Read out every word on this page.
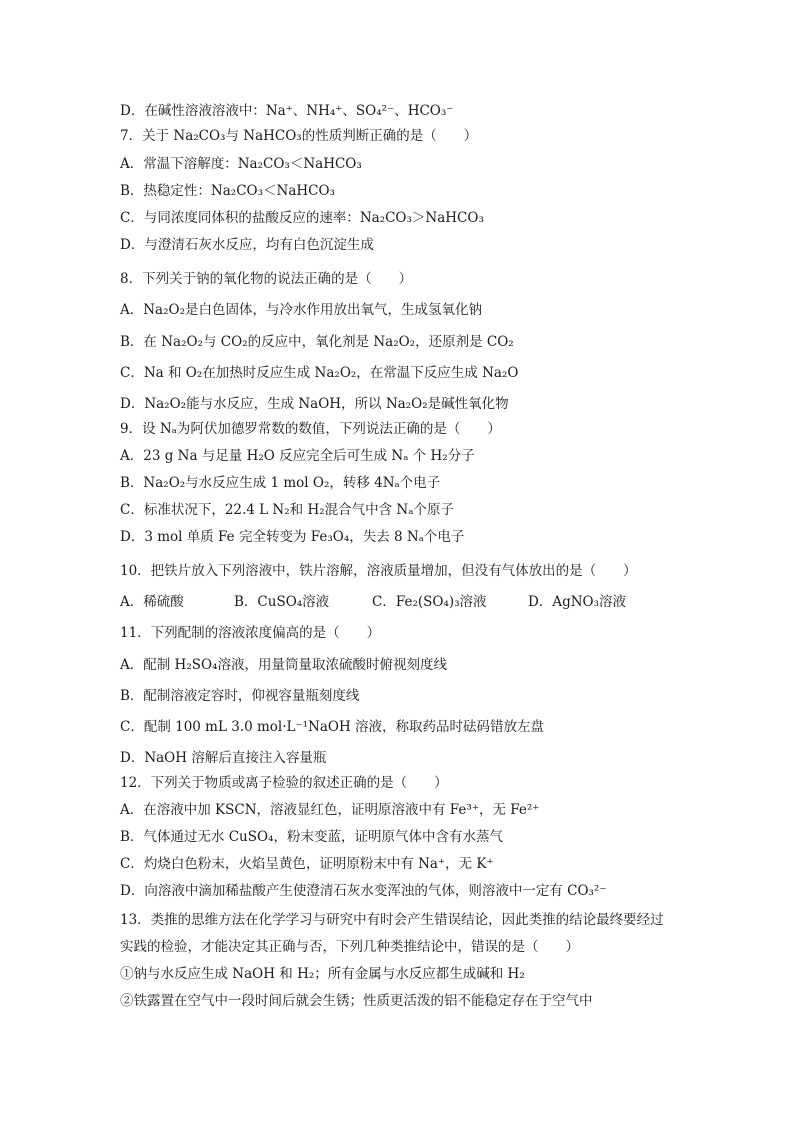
D．在碱性溶液溶液中：Na⁺、NH₄⁺、SO₄²⁻、HCO₃⁻
7．关于 Na₂CO₃与 NaHCO₃的性质判断正确的是（　　）
A．常温下溶解度：Na₂CO₃＜NaHCO₃
B．热稳定性：Na₂CO₃＜NaHCO₃
C．与同浓度同体积的盐酸反应的速率：Na₂CO₃＞NaHCO₃
D．与澄清石灰水反应，均有白色沉淀生成
8．下列关于钠的氧化物的说法正确的是（　　）
A．Na₂O₂是白色固体，与冷水作用放出氧气，生成氢氧化钠
B．在 Na₂O₂与 CO₂的反应中，氧化剂是 Na₂O₂，还原剂是 CO₂
C．Na 和 O₂在加热时反应生成 Na₂O₂，在常温下反应生成 Na₂O
D．Na₂O₂能与水反应，生成 NaOH，所以 Na₂O₂是碱性氧化物
9．设 Nₐ为阿伏加德罗常数的数值，下列说法正确的是（　　）
A．23 g Na 与足量 H₂O 反应完全后可生成 Nₐ 个 H₂分子
B．Na₂O₂与水反应生成 1 mol O₂，转移 4Nₐ个电子
C．标准状况下，22.4 L N₂和 H₂混合气中含 Nₐ个原子
D．3 mol 单质 Fe 完全转变为 Fe₃O₄，失去 8 Nₐ个电子
10．把铁片放入下列溶液中，铁片溶解，溶液质量增加，但没有气体放出的是（　　）
A．稀硫酸	B．CuSO₄溶液	C．Fe₂(SO₄)₃溶液	D．AgNO₃溶液
11．下列配制的溶液浓度偏高的是（　　）
A．配制 H₂SO₄溶液，用量筒量取浓硫酸时俯视刻度线
B．配制溶液定容时，仰视容量瓶刻度线
C．配制 100 mL 3.0 mol·L⁻¹NaOH 溶液，称取药品时砝码错放左盘
D．NaOH 溶解后直接注入容量瓶
12．下列关于物质或离子检验的叙述正确的是（　　）
A．在溶液中加 KSCN，溶液显红色，证明原溶液中有 Fe³⁺，无 Fe²⁺
B．气体通过无水 CuSO₄，粉末变蓝，证明原气体中含有水蒸气
C．灼烧白色粉末，火焰呈黄色，证明原粉末中有 Na⁺，无 K⁺
D．向溶液中滴加稀盐酸产生使澄清石灰水变浑浊的气体，则溶液中一定有 CO₃²⁻
13．类推的思维方法在化学学习与研究中有时会产生错误结论，因此类推的结论最终要经过
实践的检验，才能决定其正确与否，下列几种类推结论中，错误的是（　　）
①钠与水反应生成 NaOH 和 H₂；所有金属与水反应都生成碱和 H₂
②铁露置在空气中一段时间后就会生锈；性质更活泼的铝不能稳定存在于空气中
